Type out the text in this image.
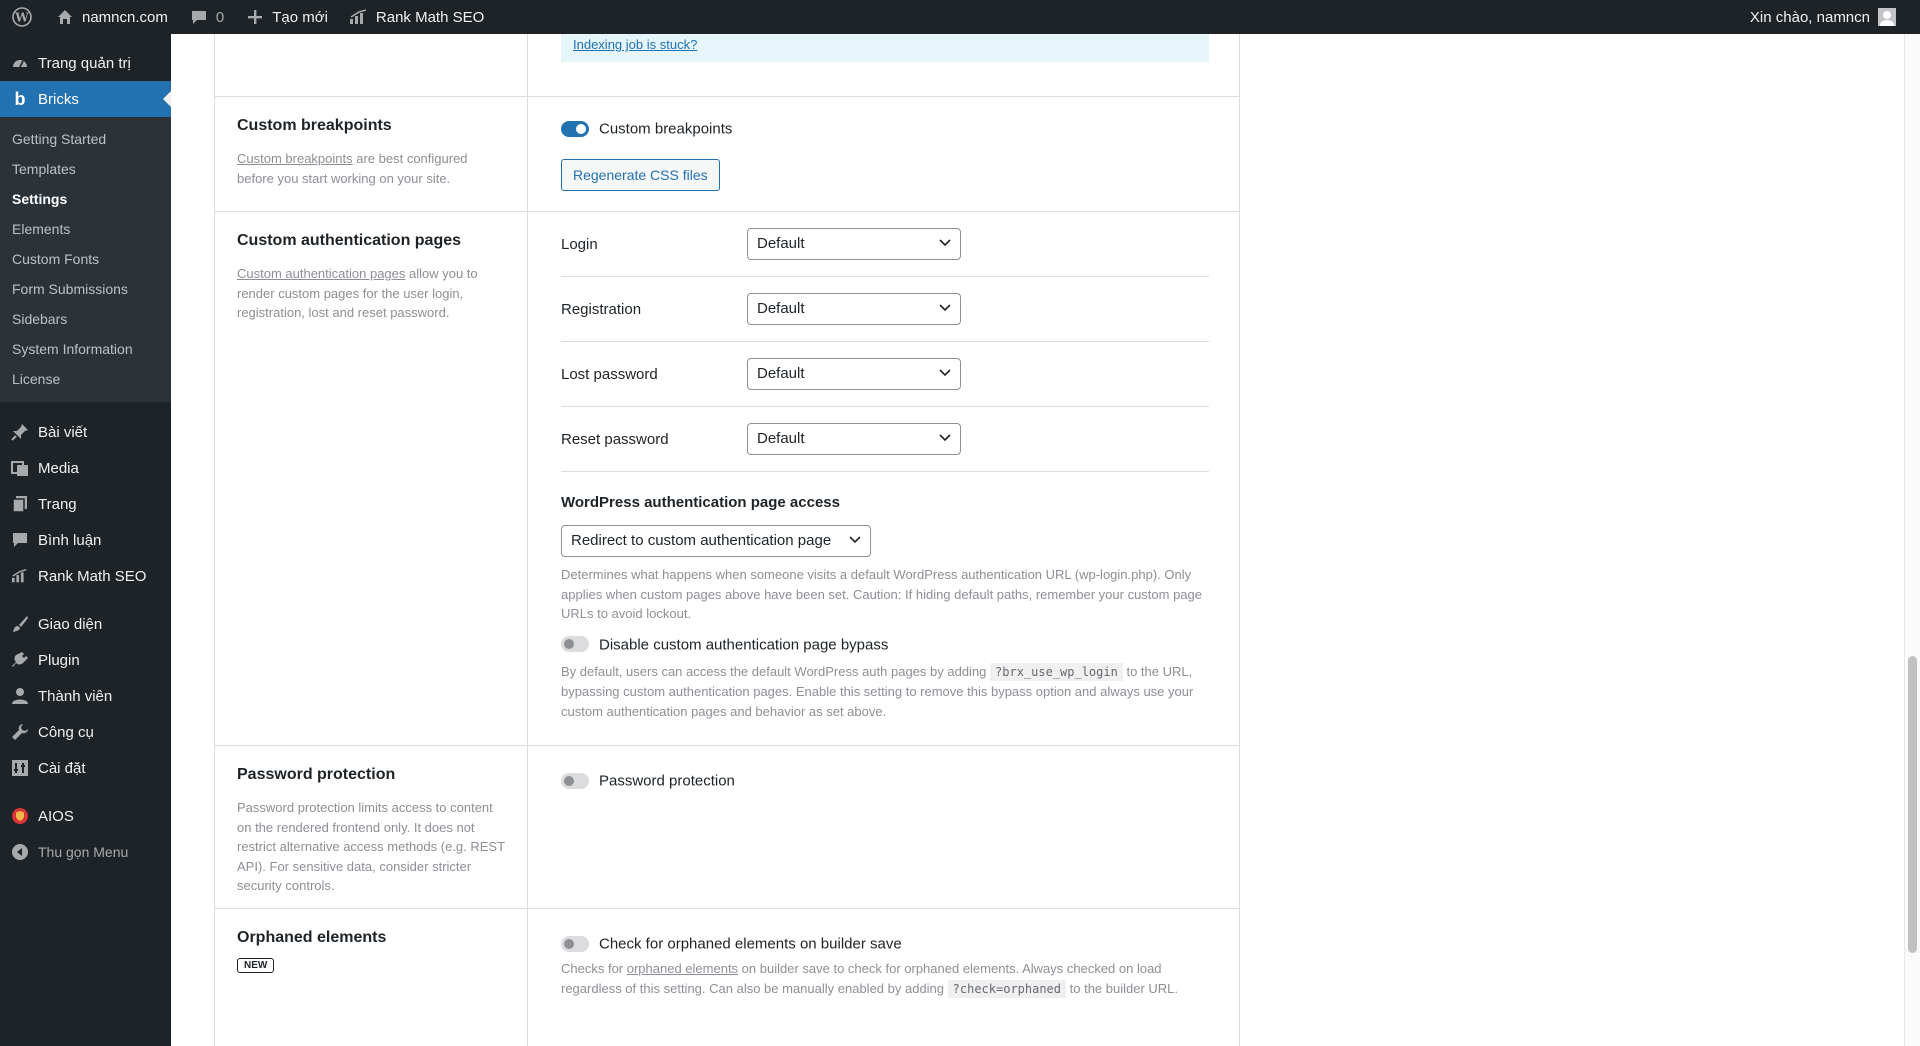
W	namncn.com	0	Tạo mới	Rank Math SEO	Xin chào, namncn
Trang quản trị
b Bricks
Getting Started
Templates
Settings
Elements
Custom Fonts
Form Submissions
Sidebars
System Information
License
Bài viết
Media
Trang
Bình luận
Rank Math SEO
Giao diện
Plugin
Thành viên
Công cụ
Cài đặt
AIOS
Thu gọn Menu
Indexing job is stuck?
Custom breakpoints

Custom breakpoints are best configured before you start working on your site.

Custom breakpoints
Regenerate CSS files
Custom authentication pages

Custom authentication pages allow you to render custom pages for the user login, registration, lost and reset password.

Login	Default
Registration	Default
Lost password	Default
Reset password	Default
WordPress authentication page access
Redirect to custom authentication page
Determines what happens when someone visits a default WordPress authentication URL (wp-login.php). Only applies when custom pages above have been set. Caution: If hiding default paths, remember your custom page URLs to avoid lockout.
Disable custom authentication page bypass
By default, users can access the default WordPress auth pages by adding ?brx_use_wp_login to the URL, bypassing custom authentication pages. Enable this setting to remove this bypass option and always use your custom authentication pages and behavior as set above.
Password protection

Password protection limits access to content on the rendered frontend only. It does not restrict alternative access methods (e.g. REST API). For sensitive data, consider stricter security controls.

Password protection
Orphaned elements
NEW
Check for orphaned elements on builder save
Checks for orphaned elements on builder save to check for orphaned elements. Always checked on load regardless of this setting. Can also be manually enabled by adding ?check=orphaned to the builder URL.
